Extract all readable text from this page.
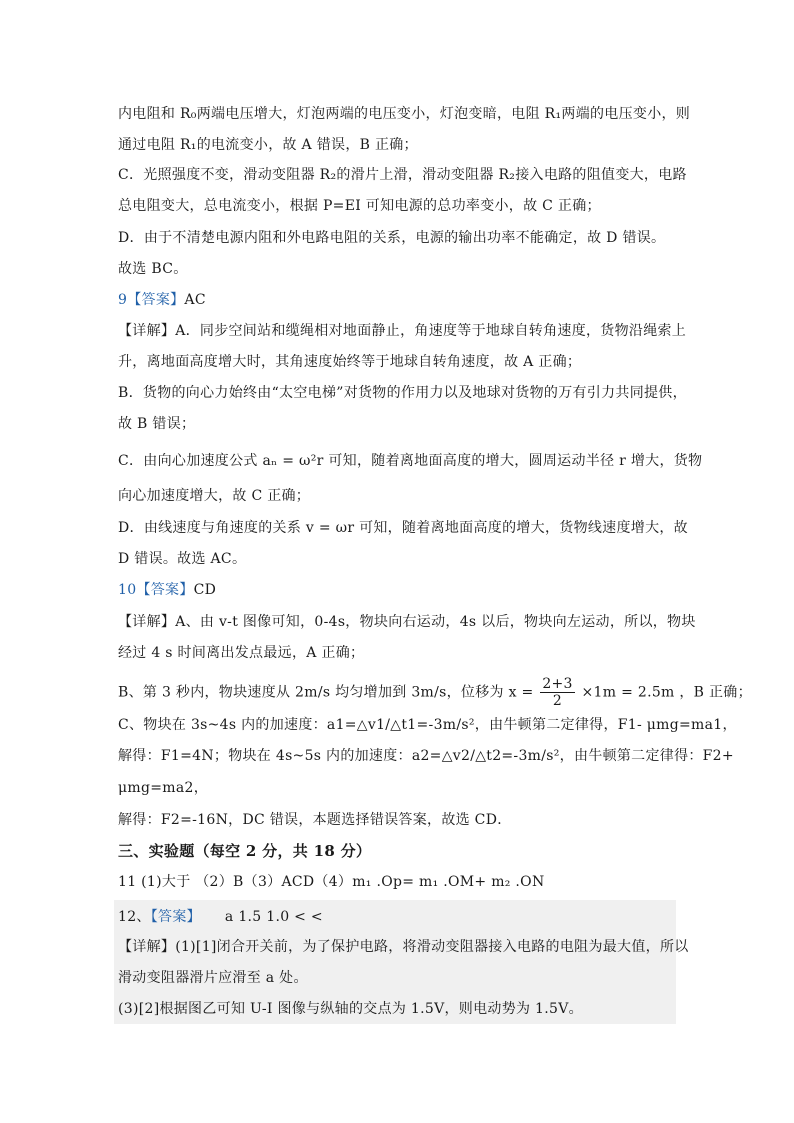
内电阻和 R₀两端电压增大，灯泡两端的电压变小，灯泡变暗，电阻 R₁两端的电压变小，则
通过电阻 R₁的电流变小，故 A 错误，B 正确；
C．光照强度不变，滑动变阻器 R₂的滑片上滑，滑动变阻器 R₂接入电路的阻值变大，电路
总电阻变大，总电流变小，根据 P=EI 可知电源的总功率变小，故 C 正确；
D．由于不清楚电源内阻和外电路电阻的关系，电源的输出功率不能确定，故 D 错误。
故选 BC。
9【答案】AC
【详解】A．同步空间站和缆绳相对地面静止，角速度等于地球自转角速度，货物沿绳索上
升，离地面高度增大时，其角速度始终等于地球自转角速度，故 A 正确；
B．货物的向心力始终由“太空电梯”对货物的作用力以及地球对货物的万有引力共同提供，
故 B 错误；
C．由向心加速度公式 aₙ = ω²r 可知，随着离地面高度的增大，圆周运动半径 r 增大，货物
向心加速度增大，故 C 正确；
D．由线速度与角速度的关系 v = ωr 可知，随着离地面高度的增大，货物线速度增大，故
D 错误。故选 AC。
10【答案】CD
【详解】A、由 v-t 图像可知，0-4s，物块向右运动，4s 以后，物块向左运动，所以，物块
经过 4 s 时间离出发点最远，A 正确；
B、第 3 秒内，物块速度从 2m/s 均匀增加到 3m/s，位移为 $x = \frac{2+3}{2} \times 1m = 2.5m$ ，B 正确；
C、物块在 3s~4s 内的加速度：a1=△v1/△t1=-3m/s²，由牛顿第二定律得，F1- μmg=ma1，
解得：F1=4N；物块在 4s~5s 内的加速度：a2=△v2/△t2=-3m/s²，由牛顿第二定律得：F2+
μmg=ma2，
解得：F2=-16N，DC 错误，本题选择错误答案，故选 CD．
三、实验题（每空 2 分，共 18 分）
11 (1)大于 （2）B（3）ACD（4）m₁ .Op= m₁ .OM+ m₂ .ON
12、【答案】 a 1.5 1.0 < <
【详解】(1)[1]闭合开关前，为了保护电路，将滑动变阻器接入电路的电阻为最大值，所以
滑动变阻器滑片应滑至 a 处。
(3)[2]根据图乙可知 U-I 图像与纵轴的交点为 1.5V，则电动势为 1.5V。
